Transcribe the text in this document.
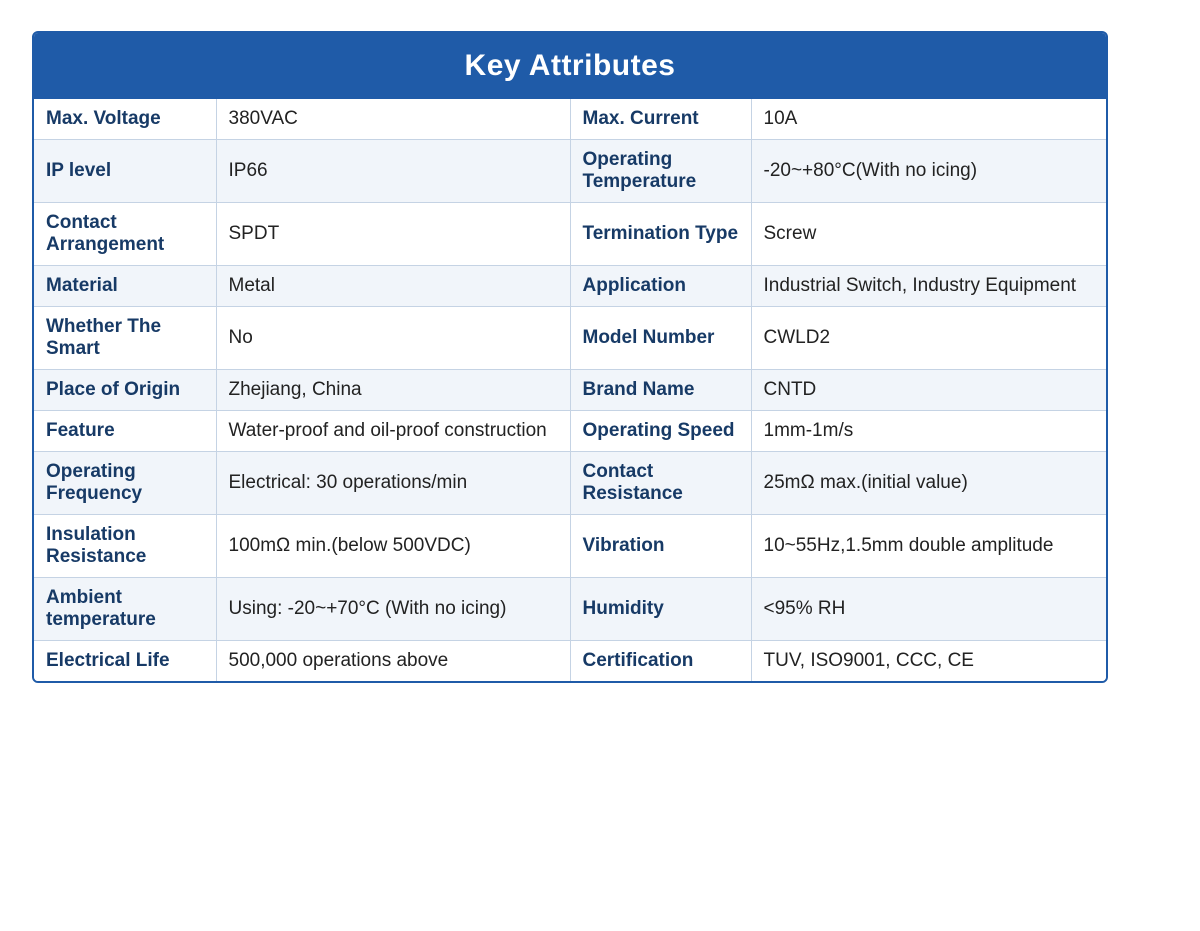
Key Attributes
Max. Voltage	380VAC	Max. Current	10A
IP level	IP66	Operating Temperature	-20~+80°C(With no icing)
Contact Arrangement	SPDT	Termination Type	Screw
Material	Metal	Application	Industrial Switch, Industry Equipment
Whether The Smart	No	Model Number	CWLD2
Place of Origin	Zhejiang, China	Brand Name	CNTD
Feature	Water-proof and oil-proof construction	Operating Speed	1mm-1m/s
Operating Frequency	Electrical: 30 operations/min	Contact Resistance	25mΩ max.(initial value)
Insulation Resistance	100mΩ min.(below 500VDC)	Vibration	10~55Hz,1.5mm double amplitude
Ambient temperature	Using: -20~+70°C (With no icing)	Humidity	<95% RH
Electrical Life	500,000 operations above	Certification	TUV, ISO9001, CCC, CE
